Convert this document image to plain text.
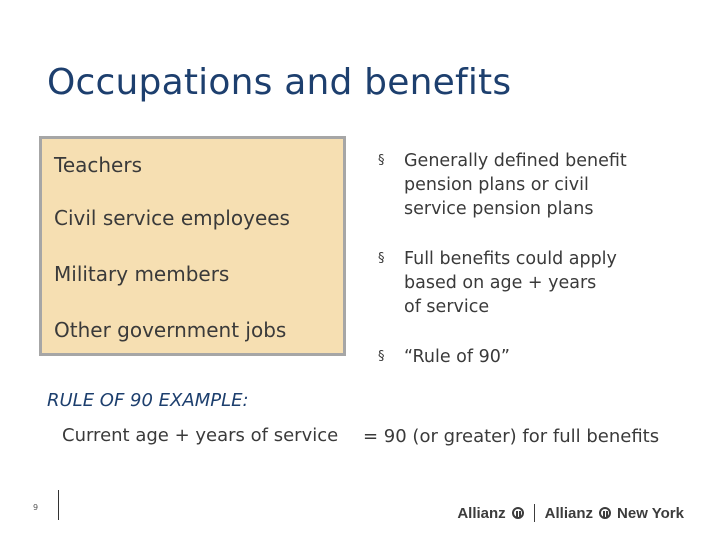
Occupations and benefits
Teachers
Civil service employees
Military members
Other government jobs
§ Generally defined benefit
pension plans or civil
service pension plans
§ Full benefits could apply
based on age + years
of service
§ “Rule of 90”
RULE OF 90 EXAMPLE:
Current age + years of service = 90 (or greater) for full benefits
9	Allianz	Allianz New York
